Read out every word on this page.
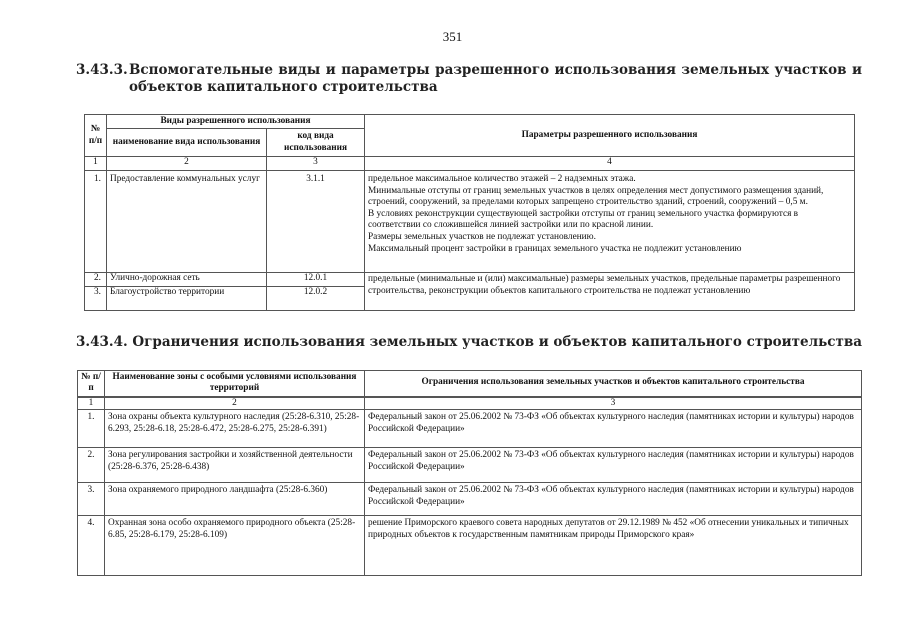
351
3.43.3. Вспомогательные виды и параметры разрешенного использования земельных участков и объектов капитального строительства
№ п/п	Виды разрешенного использования		Параметры разрешенного использования
	наименование вида использования	код вида использования	
1	2	3	4
1.	Предоставление коммунальных услуг	3.1.1	предельное максимальное количество этажей – 2 надземных этажа.
Минимальные отступы от границ земельных участков в целях определения мест допустимого размещения зданий, строений, сооружений, за пределами которых запрещено строительство зданий, строений, сооружений – 0,5 м.
В условиях реконструкции существующей застройки отступы от границ земельного участка формируются в соответствии со сложившейся линией застройки или по красной линии.
Размеры земельных участков не подлежат установлению.
Максимальный процент застройки в границах земельного участка не подлежит установлению

2.	Улично-дорожная сеть	12.0.1	предельные (минимальные и (или) максимальные) размеры земельных участков, предельные параметры разрешенного строительства, реконструкции объектов капитального строительства не подлежат установлению
3.	Благоустройство территории	12.0.2	
3.43.4. Ограничения использования земельных участков и объектов капитального строительства
№ п/п	Наименование зоны с особыми условиями использования территорий	Ограничения использования земельных участков и объектов капитального строительства
1	2	3
1.	Зона охраны объекта культурного наследия (25:28-6.310, 25:28-6.293, 25:28-6.18, 25:28-6.472, 25:28-6.275, 25:28-6.391)	Федеральный закон от 25.06.2002 № 73-ФЗ «Об объектах культурного наследия (памятниках истории и культуры) народов Российской Федерации»
2.	Зона регулирования застройки и хозяйственной деятельности (25:28-6.376, 25:28-6.438)	Федеральный закон от 25.06.2002 № 73-ФЗ «Об объектах культурного наследия (памятниках истории и культуры) народов Российской Федерации»
3.	Зона охраняемого природного ландшафта (25:28-6.360)	Федеральный закон от 25.06.2002 № 73-ФЗ «Об объектах культурного наследия (памятниках истории и культуры) народов Российской Федерации»
4.	Охранная зона особо охраняемого природного объекта (25:28-6.85, 25:28-6.179, 25:28-6.109)	решение Приморского краевого совета народных депутатов от 29.12.1989 № 452 «Об отнесении уникальных и типичных природных объектов к государственным памятникам природы Приморского края»
